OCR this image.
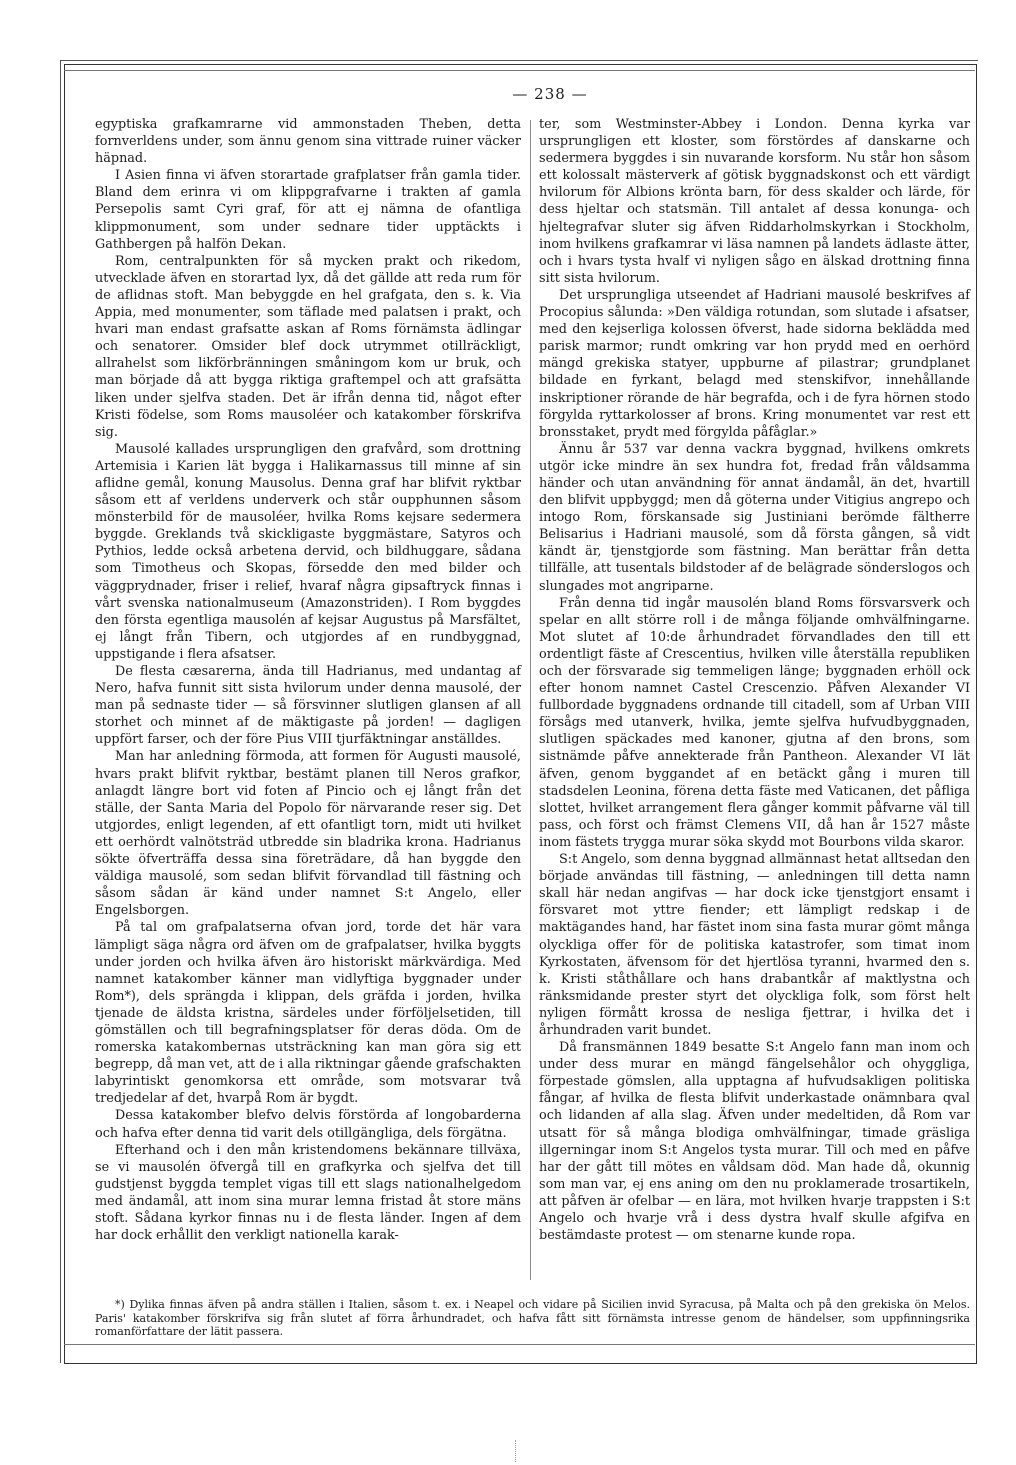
— 238 —

egyptiska grafkamrarne vid ammonstaden Theben, detta fornverldens under, som ännu genom sina vittrade ruiner väcker häpnad.

I Asien finna vi äfven storartade grafplatser från gamla tider. Bland dem erinra vi om klippgrafvarne i trakten af gamla Persepolis samt Cyri graf, för att ej nämna de ofantliga klippmonument, som under sednare tider upptäckts i Gathbergen på halfön Dekan.

Rom, centralpunkten för så mycken prakt och rikedom, utvecklade äfven en storartad lyx, då det gällde att reda rum för de aflidnas stoft. Man bebyggde en hel grafgata, den s. k. Via Appia, med monumenter, som täflade med palatsen i prakt, och hvari man endast grafsatte askan af Roms förnämsta ädlingar och senatorer. Omsider blef dock utrymmet otillräckligt, allrahelst som likförbränningen småningom kom ur bruk, och man började då att bygga riktiga graftempel och att grafsätta liken under sjelfva staden. Det är ifrån denna tid, något efter Kristi födelse, som Roms mausoléer och katakomber förskrifva sig.

Mausolé kallades ursprungligen den grafvård, som drottning Artemisia i Karien lät bygga i Halikarnassus till minne af sin aflidne gemål, konung Mausolus. Denna graf har blifvit ryktbar såsom ett af verldens underverk och står oupphunnen såsom mönsterbild för de mausoléer, hvilka Roms kejsare sedermera byggde. Greklands två skickligaste byggmästare, Satyros och Pythios, ledde också arbetena dervid, och bildhuggare, sådana som Timotheus och Skopas, försedde den med bilder och väggprydnader, friser i relief, hvaraf några gipsaftryck finnas i vårt svenska nationalmuseum (Amazonstriden). I Rom byggdes den första egentliga mausolén af kejsar Augustus på Marsfältet, ej långt från Tibern, och utgjordes af en rundbyggnad, uppstigande i flera afsatser.

De flesta cæsarerna, ända till Hadrianus, med undantag af Nero, hafva funnit sitt sista hvilorum under denna mausolé, der man på sednaste tider — så försvinner slutligen glansen af all storhet och minnet af de mäktigaste på jorden! — dagligen uppfört farser, och der före Pius VIII tjurfäktningar anställdes.

Man har anledning förmoda, att formen för Augusti mausolé, hvars prakt blifvit ryktbar, bestämt planen till Neros grafkor, anlagdt längre bort vid foten af Pincio och ej långt från det ställe, der Santa Maria del Popolo för närvarande reser sig. Det utgjordes, enligt legenden, af ett ofantligt torn, midt uti hvilket ett oerhördt valnötsträd utbredde sin bladrika krona. Hadrianus sökte öfverträffa dessa sina företrädare, då han byggde den väldiga mausolé, som sedan blifvit förvandlad till fästning och såsom sådan är känd under namnet S:t Angelo, eller Engelsborgen.

På tal om grafpalatserna ofvan jord, torde det här vara lämpligt säga några ord äfven om de grafpalatser, hvilka byggts under jorden och hvilka äfven äro historiskt märkvärdiga. Med namnet katakomber känner man vidlyftiga byggnader under Rom*), dels sprängda i klippan, dels gräfda i jorden, hvilka tjenade de äldsta kristna, särdeles under förföljelsetiden, till gömställen och till begrafningsplatser för deras döda. Om de romerska katakombernas utsträckning kan man göra sig ett begrepp, då man vet, att de i alla riktningar gående grafschakten labyrintiskt genomkorsa ett område, som motsvarar två tredjedelar af det, hvarpå Rom är bygdt.

Dessa katakomber blefvo delvis förstörda af longobarderna och hafva efter denna tid varit dels otillgängliga, dels förgätna.

Efterhand och i den mån kristendomens bekännare tillväxa, se vi mausolén öfvergå till en grafkyrka och sjelfva det till gudstjenst byggda templet vigas till ett slags nationalhelgedom med ändamål, att inom sina murar lemna fristad åt store mäns stoft. Sådana kyrkor finnas nu i de flesta länder. Ingen af dem har dock erhållit den verkligt nationella karak-

ter, som Westminster-Abbey i London. Denna kyrka var ursprungligen ett kloster, som förstördes af danskarne och sedermera byggdes i sin nuvarande korsform. Nu står hon såsom ett kolossalt mästerverk af götisk byggnadskonst och ett värdigt hvilorum för Albions krönta barn, för dess skalder och lärde, för dess hjeltar och statsmän. Till antalet af dessa konunga- och hjeltegrafvar sluter sig äfven Riddarholmskyrkan i Stockholm, inom hvilkens grafkamrar vi läsa namnen på landets ädlaste ätter, och i hvars tysta hvalf vi nyligen sågo en älskad drottning finna sitt sista hvilorum.

Det ursprungliga utseendet af Hadriani mausolé beskrifves af Procopius sålunda: »Den väldiga rotundan, som slutade i afsatser, med den kejserliga kolossen öfverst, hade sidorna beklädda med parisk marmor; rundt omkring var hon prydd med en oerhörd mängd grekiska statyer, uppburne af pilastrar; grundplanet bildade en fyrkant, belagd med stenskifvor, innehållande inskriptioner rörande de här begrafda, och i de fyra hörnen stodo förgylda ryttarkolosser af brons. Kring monumentet var rest ett bronsstaket, prydt med förgylda påfåglar.»

Ännu år 537 var denna vackra byggnad, hvilkens omkrets utgör icke mindre än sex hundra fot, fredad från våldsamma händer och utan användning för annat ändamål, än det, hvartill den blifvit uppbyggd; men då göterna under Vitigius angrepo och intogo Rom, förskansade sig Justiniani berömde fältherre Belisarius i Hadriani mausolé, som då första gången, så vidt kändt är, tjenstgjorde som fästning. Man berättar från detta tillfälle, att tusentals bildstoder af de belägrade sönderslogos och slungades mot angriparne.

Från denna tid ingår mausolén bland Roms försvarsverk och spelar en allt större roll i de många följande omhvälfningarne. Mot slutet af 10:de århundradet förvandlades den till ett ordentligt fäste af Crescentius, hvilken ville återställa republiken och der försvarade sig temmeligen länge; byggnaden erhöll ock efter honom namnet Castel Crescenzio. Påfven Alexander VI fullbordade byggnadens ordnande till citadell, som af Urban VIII försågs med utanverk, hvilka, jemte sjelfva hufvudbyggnaden, slutligen späckades med kanoner, gjutna af den brons, som sistnämde påfve annekterade från Pantheon. Alexander VI lät äfven, genom byggandet af en betäckt gång i muren till stadsdelen Leonina, förena detta fäste med Vaticanen, det påfliga slottet, hvilket arrangement flera gånger kommit påfvarne väl till pass, och först och främst Clemens VII, då han år 1527 måste inom fästets trygga murar söka skydd mot Bourbons vilda skaror.

S:t Angelo, som denna byggnad allmännast hetat alltsedan den började användas till fästning, — anledningen till detta namn skall här nedan angifvas — har dock icke tjenstgjort ensamt i försvaret mot yttre fiender; ett lämpligt redskap i de maktägandes hand, har fästet inom sina fasta murar gömt många olyckliga offer för de politiska katastrofer, som timat inom Kyrkostaten, äfvensom för det hjertlösa tyranni, hvarmed den s. k. Kristi ståthållare och hans drabantkår af maktlystna och ränksmidande prester styrt det olyckliga folk, som först helt nyligen förmått krossa de nesliga fjettrar, i hvilka det i århundraden varit bundet.

Då fransmännen 1849 besatte S:t Angelo fann man inom och under dess murar en mängd fängelsehålor och ohyggliga, förpestade gömslen, alla upptagna af hufvudsakligen politiska fångar, af hvilka de flesta blifvit underkastade onämnbara qval och lidanden af alla slag. Äfven under medeltiden, då Rom var utsatt för så många blodiga omhvälfningar, timade gräsliga illgerningar inom S:t Angelos tysta murar. Till och med en påfve har der gått till mötes en våldsam död. Man hade då, okunnig som man var, ej ens aning om den nu proklamerade trosartikeln, att påfven är ofelbar — en lära, mot hvilken hvarje trappsten i S:t Angelo och hvarje vrå i dess dystra hvalf skulle afgifva en bestämdaste protest — om stenarne kunde ropa.

*) Dylika finnas äfven på andra ställen i Italien, såsom t. ex. i Neapel och vidare på Sicilien invid Syracusa, på Malta och på den grekiska ön Melos. Paris' katakomber förskrifva sig från slutet af förra århundradet, och hafva fått sitt förnämsta intresse genom de händelser, som uppfinningsrika romanförfattare der lätit passera.
